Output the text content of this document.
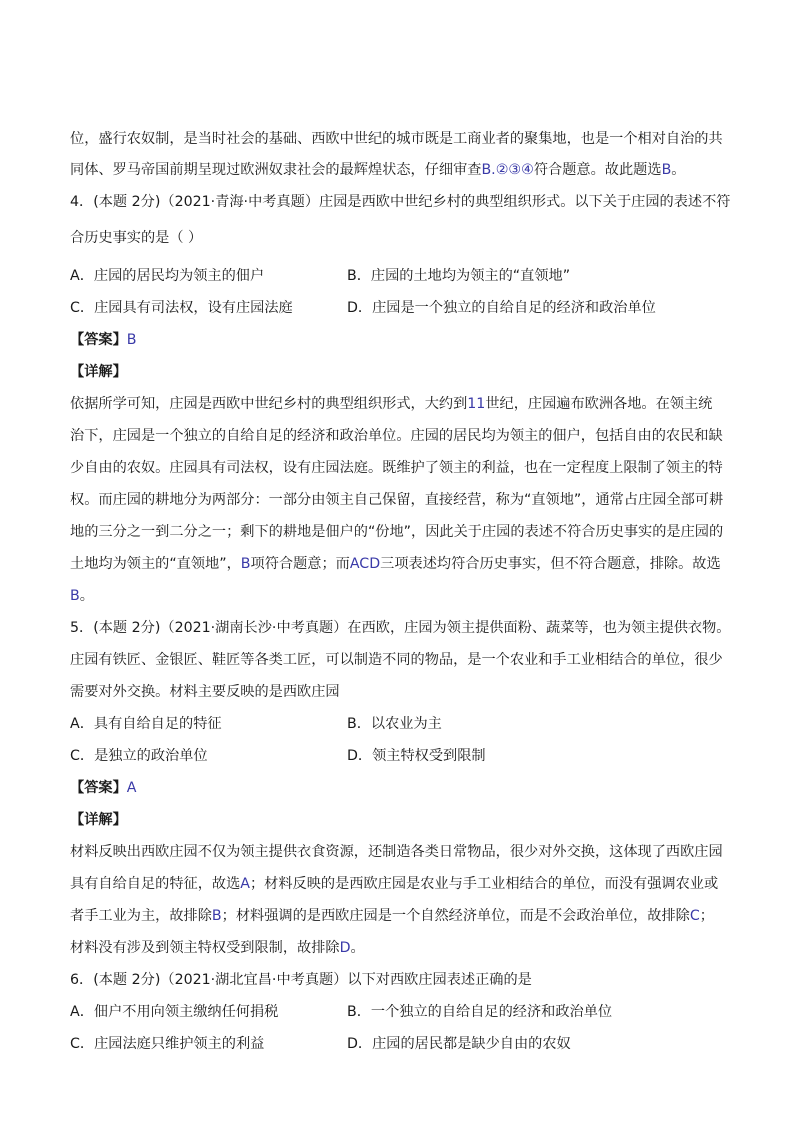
位，盛行农奴制，是当时社会的基础、西欧中世纪的城市既是工商业者的聚集地，也是一个相对自治的共
同体、罗马帝国前期呈现过欧洲奴隶社会的最辉煌状态，仔细审查B.②③④符合题意。故此题选B。
4．(本题 2分)（2021·青海·中考真题）庄园是西欧中世纪乡村的典型组织形式。以下关于庄园的表述不符
合历史事实的是（ ）
A．庄园的居民均为领主的佃户	B．庄园的土地均为领主的“直领地”
C．庄园具有司法权，设有庄园法庭	D．庄园是一个独立的自给自足的经济和政治单位
【答案】B
【详解】
依据所学可知，庄园是西欧中世纪乡村的典型组织形式，大约到11世纪，庄园遍布欧洲各地。在领主统
治下，庄园是一个独立的自给自足的经济和政治单位。庄园的居民均为领主的佃户，包括自由的农民和缺
少自由的农奴。庄园具有司法权，设有庄园法庭。既维护了领主的利益，也在一定程度上限制了领主的特
权。而庄园的耕地分为两部分：一部分由领主自己保留，直接经营，称为“直领地”，通常占庄园全部可耕
地的三分之一到二分之一；剩下的耕地是佃户的“份地”，因此关于庄园的表述不符合历史事实的是庄园的
土地均为领主的“直领地”，B项符合题意；而ACD三项表述均符合历史事实，但不符合题意，排除。故选
B。
5．(本题 2分)（2021·湖南长沙·中考真题）在西欧，庄园为领主提供面粉、蔬菜等，也为领主提供衣物。
庄园有铁匠、金银匠、鞋匠等各类工匠，可以制造不同的物品，是一个农业和手工业相结合的单位，很少
需要对外交换。材料主要反映的是西欧庄园
A．具有自给自足的特征	B．以农业为主
C．是独立的政治单位	D．领主特权受到限制
【答案】A
【详解】
材料反映出西欧庄园不仅为领主提供衣食资源，还制造各类日常物品，很少对外交换，这体现了西欧庄园
具有自给自足的特征，故选A；材料反映的是西欧庄园是农业与手工业相结合的单位，而没有强调农业或
者手工业为主，故排除B；材料强调的是西欧庄园是一个自然经济单位，而是不会政治单位，故排除C；
材料没有涉及到领主特权受到限制，故排除D。
6．(本题 2分)（2021·湖北宜昌·中考真题）以下对西欧庄园表述正确的是
A．佃户不用向领主缴纳任何捐税	B．一个独立的自给自足的经济和政治单位
C．庄园法庭只维护领主的利益	D．庄园的居民都是缺少自由的农奴
